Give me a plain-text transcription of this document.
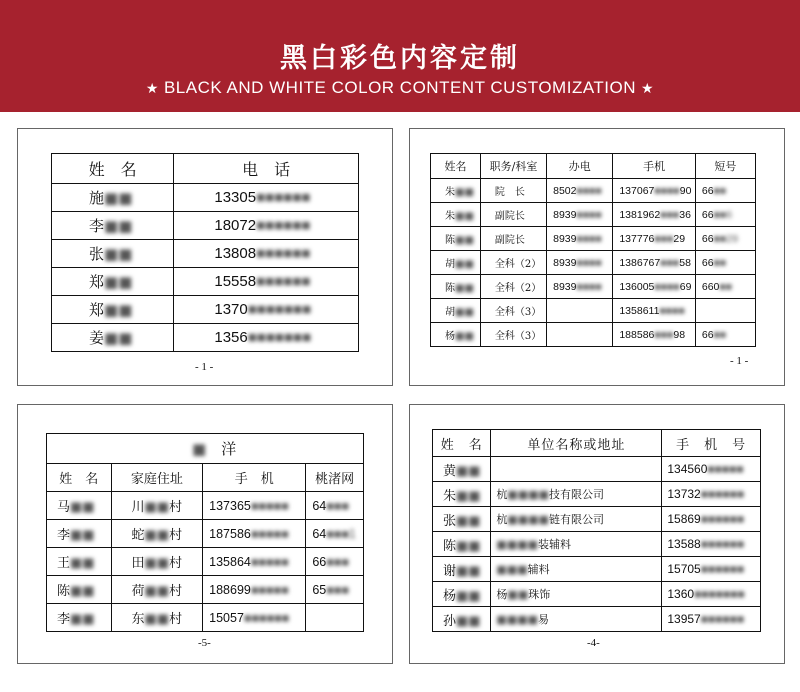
黑白彩色内容定制
★ BLACK AND WHITE COLOR CONTENT CUSTOMIZATION ★
姓　名	电　话
施■■	13305■■■■■■
李■■	18072■■■■■■
张■■	13808■■■■■■
郑■■	15558■■■■■■
郑■■	1370■■■■■■■
姜■■	1356■■■■■■■
- 1 -
姓名	职务/科室	办电	手机	短号
朱■■	院　长	8502■■■■	137067■■■■90	66■■
朱■■	副院长	8939■■■■	1381962■■■36	66■■6
陈■■	副院长	8939■■■■	137776■■■29	66■■29
胡■■	全科（2）	8939■■■■	1386767■■■58	66■■
陈■■	全科（2）	8939■■■■	136005■■■■69	660■■
胡■■	全科（3）		1358611■■■■	
杨■■	全科（3）		188586■■■98	66■■
- 1 -
■　 洋			
姓　名	家庭住址	手　机	桃渚网
马■■	川■■村	137365■■■■■	64■■■
李■■	蛇■■村	187586■■■■■	64■■■1
王■■	田■■村	135864■■■■■	66■■■
陈■■	荷■■村	188699■■■■■	65■■■
李■■	东■■村	15057■■■■■■	
-5-
姓　名	单位名称或地址	手　机　号
黄■■		134560■■■■■
朱■■	杭■■■■技有限公司	13732■■■■■■
张■■	杭■■■■链有限公司	15869■■■■■■
陈■■	■■■■装辅料	13588■■■■■■
谢■■	■■■辅料	15705■■■■■■
杨■■	杨■■珠饰	1360■■■■■■■
孙■■	■■■■易	13957■■■■■■
-4-
